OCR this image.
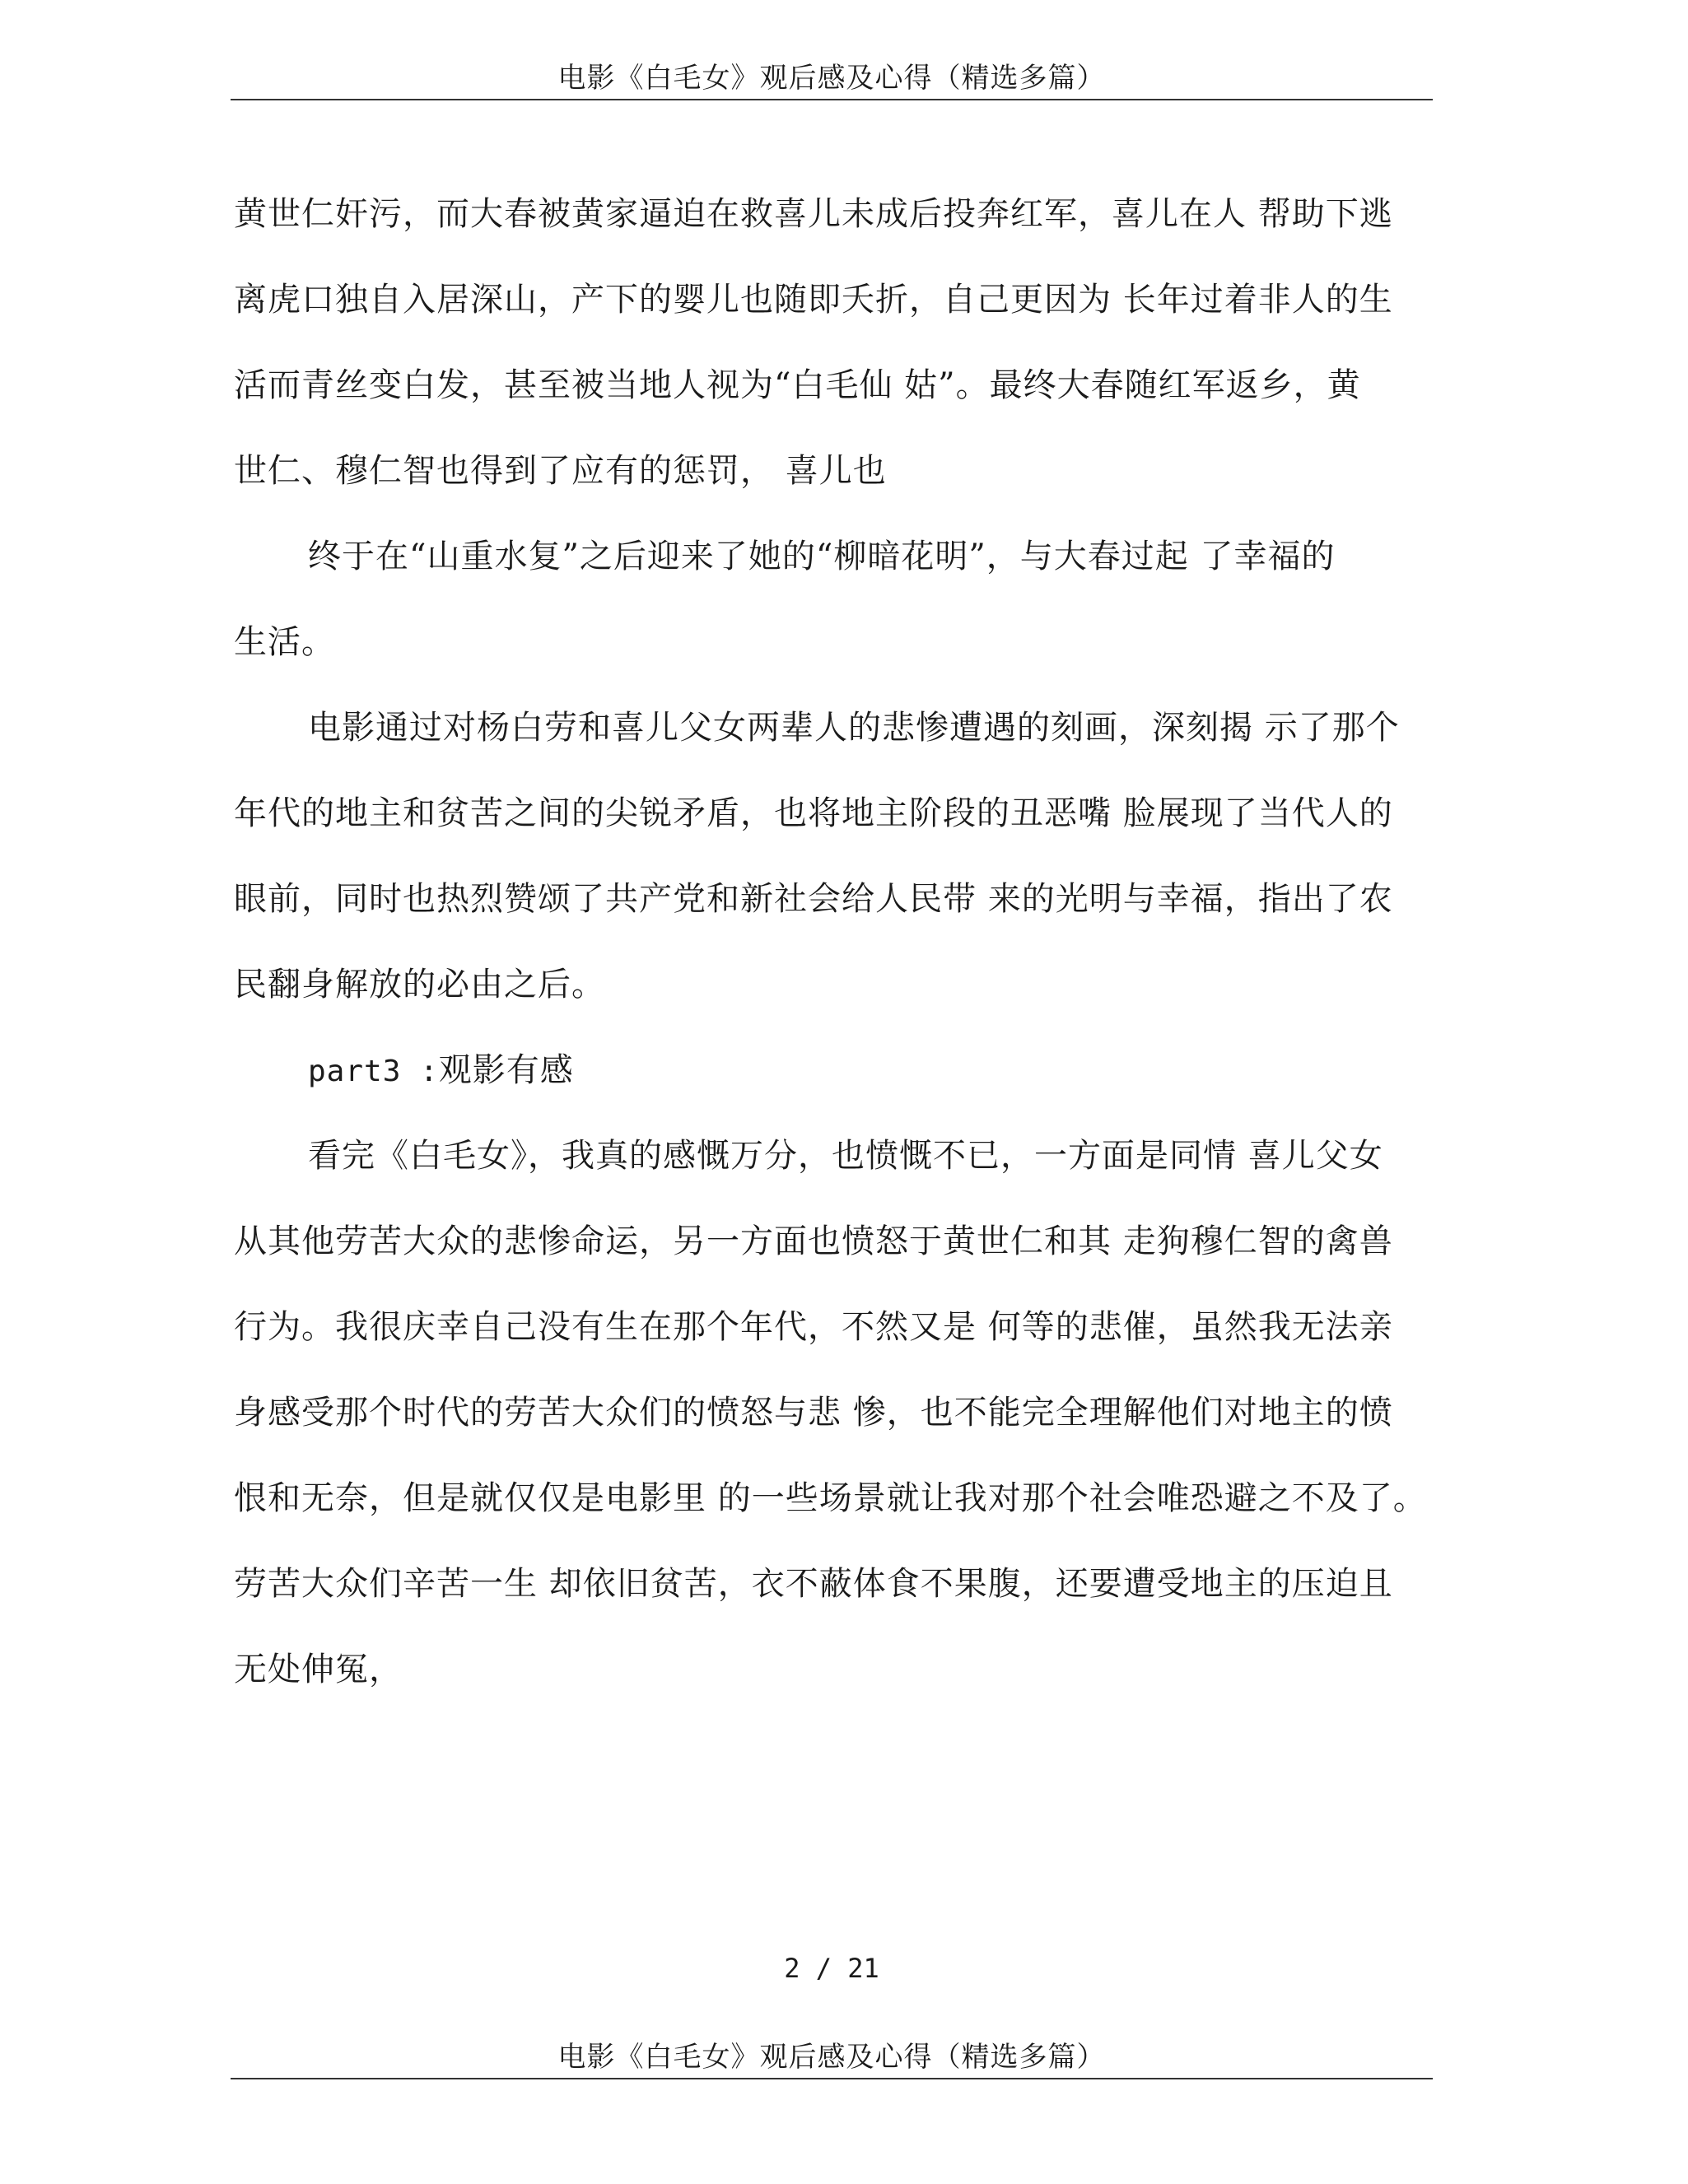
电影《白毛女》观后感及心得（精选多篇）
黄世仁奸污，而大春被黄家逼迫在救喜儿未成后投奔红军，喜儿在人 帮助下逃
离虎口独自入居深山，产下的婴儿也随即夭折，自己更因为 长年过着非人的生
活而青丝变白发，甚至被当地人视为“白毛仙 姑”。最终大春随红军返乡，黄
世仁、穆仁智也得到了应有的惩罚， 喜儿也
终于在“山重水复”之后迎来了她的“柳暗花明”，与大春过起 了幸福的
生活。
电影通过对杨白劳和喜儿父女两辈人的悲惨遭遇的刻画，深刻揭 示了那个
年代的地主和贫苦之间的尖锐矛盾，也将地主阶段的丑恶嘴 脸展现了当代人的
眼前，同时也热烈赞颂了共产党和新社会给人民带 来的光明与幸福，指出了农
民翻身解放的必由之后。
part3 :观影有感
看完《白毛女》，我真的感慨万分，也愤慨不已，一方面是同情 喜儿父女
从其他劳苦大众的悲惨命运，另一方面也愤怒于黄世仁和其 走狗穆仁智的禽兽
行为。我很庆幸自己没有生在那个年代，不然又是 何等的悲催，虽然我无法亲
身感受那个时代的劳苦大众们的愤怒与悲 惨，也不能完全理解他们对地主的愤
恨和无奈，但是就仅仅是电影里 的一些场景就让我对那个社会唯恐避之不及了。
劳苦大众们辛苦一生 却依旧贫苦，衣不蔽体食不果腹，还要遭受地主的压迫且
无处伸冤，
2 / 21
电影《白毛女》观后感及心得（精选多篇）
